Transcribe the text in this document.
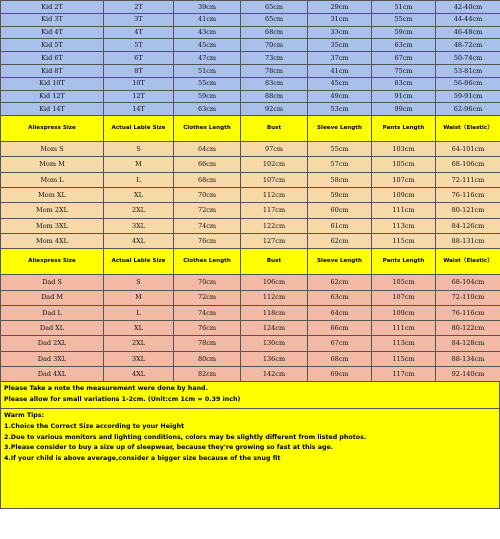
Kid 2T	2T	39cm	65cm	29cm	51cm	42-40cm
Kid 3T	3T	41cm	65cm	31cm	55cm	44-44cm
Kid 4T	4T	43cm	68cm	33cm	59cm	46-48cm
Kid 5T	5T	45cm	70cm	35cm	63cm	48-72cm
Kid 6T	6T	47cm	73cm	37cm	67cm	50-74cm
Kid 8T	8T	51cm	78cm	41cm	75cm	53-81cm
Kid 10T	10T	55cm	83cm	45cm	83cm	56-86cm
Kid 12T	12T	59cm	88cm	49cm	91cm	59-91cm
Kid 14T	14T	63cm	92cm	53cm	99cm	62-96cm
Aliexpress Size	Actual Lable Size	Clothes Length	Bust	Sleeve Length	Pants Length	Waist（Elastic）
Mom S	S	64cm	97cm	55cm	103cm	64-101cm
Mom M	M	66cm	102cm	57cm	105cm	68-106cm
Mom L	L	68cm	107cm	58cm	107cm	72-111cm
Mom XL	XL	70cm	112cm	59cm	109cm	76-116cm
Mom 2XL	2XL	72cm	117cm	60cm	111cm	80-121cm
Mom 3XL	3XL	74cm	122cm	61cm	113cm	84-126cm
Mom 4XL	4XL	76cm	127cm	62cm	115cm	88-131cm
Aliexpress Size	Actual Lable Size	Clothes Length	Bust	Sleeve Length	Pants Length	Waist（Elastic）
Dad S	S	70cm	106cm	62cm	105cm	68-104cm
Dad M	M	72cm	112cm	63cm	107cm	72-110cm
Dad L	L	74cm	118cm	64cm	109cm	76-116cm
Dad XL	XL	76cm	124cm	66cm	111cm	80-122cm
Dad 2XL	2XL	78cm	130cm	67cm	113cm	84-128cm
Dad 3XL	3XL	80cm	136cm	68cm	115cm	88-134cm
Dad 4XL	4XL	82cm	142cm	69cm	117cm	92-140cm
Please Take a note the measurement were done by hand.
Please allow for small variations 1-2cm. (Unit:cm 1cm = 0.39 inch)
Warm Tips:
1.Choice the Correct Size according to your Height
2.Due to various monitors and lighting conditions, colors may be slightly different from listed photos.
3.Please consider to buy a size up of sleepwear, because they're growing so fast at this age.
4.If your child is above average,consider a bigger size because of the snug fit
